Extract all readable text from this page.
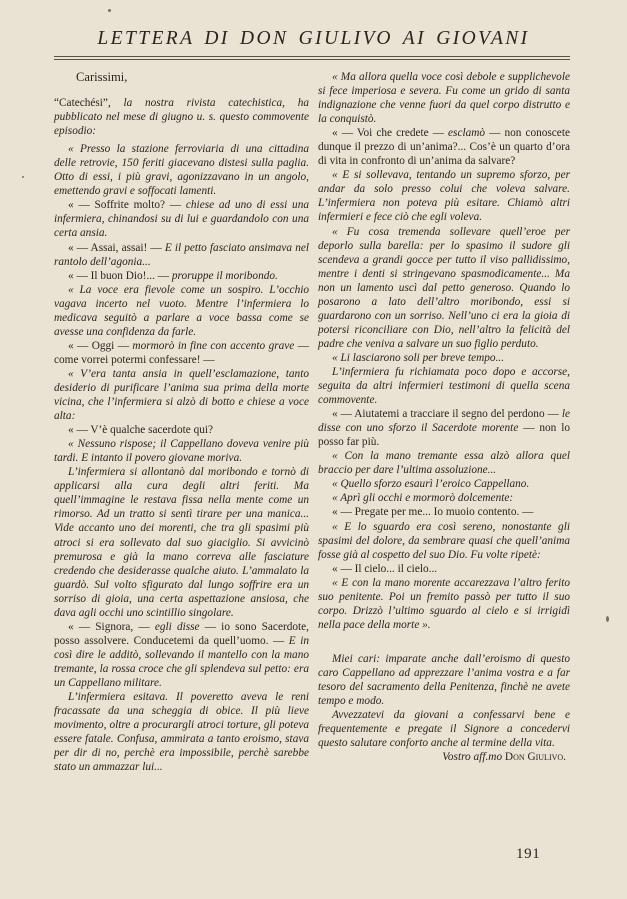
LETTERA DI DON GIULIVO AI GIOVANI

Carissimi,

“Catechési”, la nostra rivista catechistica, ha pubblicato nel mese di giugno u. s. questo commovente episodio:

« Presso la stazione ferroviaria di una cittadina delle retrovie, 150 feriti giacevano distesi sulla paglia. Otto di essi, i più gravi, agonizzavano in un angolo, emettendo gravi e soffocati lamenti.

« — Soffrite molto? — chiese ad uno di essi una infermiera, chinandosi su di lui e guardandolo con una certa ansia.

« — Assai, assai! — E il petto fasciato ansimava nel rantolo dell’agonia...

« — Il buon Dio!... — proruppe il moribondo.

« La voce era fievole come un sospiro. L’occhio vagava incerto nel vuoto. Mentre l’infermiera lo medicava seguitò a parlare a voce bassa come se avesse una confidenza da farle.

« — Oggi — mormorò in fine con accento grave — come vorrei potermi confessare! —

« V’era tanta ansia in quell’esclamazione, tanto desiderio di purificare l’anima sua prima della morte vicina, che l’infermiera si alzò di botto e chiese a voce alta:

« — V’è qualche sacerdote qui?

« Nessuno rispose; il Cappellano doveva venire più tardi. E intanto il povero giovane moriva.

L’infermiera si allontanò dal moribondo e tornò di applicarsi alla cura degli altri feriti. Ma quell’immagine le restava fissa nella mente come un rimorso. Ad un tratto si sentì tirare per una manica... Vide accanto uno dei morenti, che tra gli spasimi più atroci si era sollevato dal suo giaciglio. Si avvicinò premurosa e già la mano correva alle fasciature credendo che desiderasse qualche aiuto. L’ammalato la guardò. Sul volto sfigurato dal lungo soffrire era un sorriso di gioia, una certa aspettazione ansiosa, che dava agli occhi uno scintillio singolare.

« — Signora, — egli disse — io sono Sacerdote, posso assolvere. Conducetemi da quell’uomo. — E in così dire le additò, sollevando il mantello con la mano tremante, la rossa croce che gli splendeva sul petto: era un Cappellano militare.

L’infermiera esitava. Il poveretto aveva le reni fracassate da una scheggia di obice. Il più lieve movimento, oltre a procurargli atroci torture, gli poteva essere fatale. Confusa, ammirata a tanto eroismo, stava per dir di no, perchè era impossibile, perchè sarebbe stato un ammazzar lui...

« Ma allora quella voce così debole e supplichevole si fece imperiosa e severa. Fu come un grido di santa indignazione che venne fuori da quel corpo distrutto e la conquistò.

« — Voi che credete — esclamò — non conoscete dunque il prezzo di un’anima?... Cos’è un quarto d’ora di vita in confronto di un’anima da salvare?

« E si sollevava, tentando un supremo sforzo, per andar da solo presso colui che voleva salvare. L’infermiera non poteva più esitare. Chiamò altri infermieri e fece ciò che egli voleva.

« Fu cosa tremenda sollevare quell’eroe per deporlo sulla barella: per lo spasimo il sudore gli scendeva a grandi gocce per tutto il viso pallidissimo, mentre i denti si stringevano spasmodicamente... Ma non un lamento uscì dal petto generoso. Quando lo posarono a lato dell’altro moribondo, essi si guardarono con un sorriso. Nell’uno ci era la gioia di potersi riconciliare con Dio, nell’altro la felicità del padre che veniva a salvare un suo figlio perduto.

« Li lasciarono soli per breve tempo...

L’infermiera fu richiamata poco dopo e accorse, seguita da altri infermieri testimoni di quella scena commovente.

« — Aiutatemi a tracciare il segno del perdono — le disse con uno sforzo il Sacerdote morente — non lo posso far più.

« Con la mano tremante essa alzò allora quel braccio per dare l’ultima assoluzione...

« Quello sforzo esaurì l’eroico Cappellano.

« Aprì gli occhi e mormorò dolcemente:

« — Pregate per me... Io muoio contento. —

« E lo sguardo era così sereno, nonostante gli spasimi del dolore, da sembrare quasi che quell’anima fosse già al cospetto del suo Dio. Fu volte ripetè:

« — Il cielo... il cielo...

« E con la mano morente accarezzava l’altro ferito suo penitente. Poi un fremito passò per tutto il suo corpo. Drizzò l’ultimo sguardo al cielo e si irrigidì nella pace della morte ».

Miei cari: imparate anche dall’eroismo di questo caro Cappellano ad apprezzare l’anima vostra e a far tesoro del sacramento della Penitenza, finchè ne avete tempo e modo.

Avvezzatevi da giovani a confessarvi bene e frequentemente e pregate il Signore a concedervi questo salutare conforto anche al termine della vita.

Vostro aff.mo Don Giulivo.

191
